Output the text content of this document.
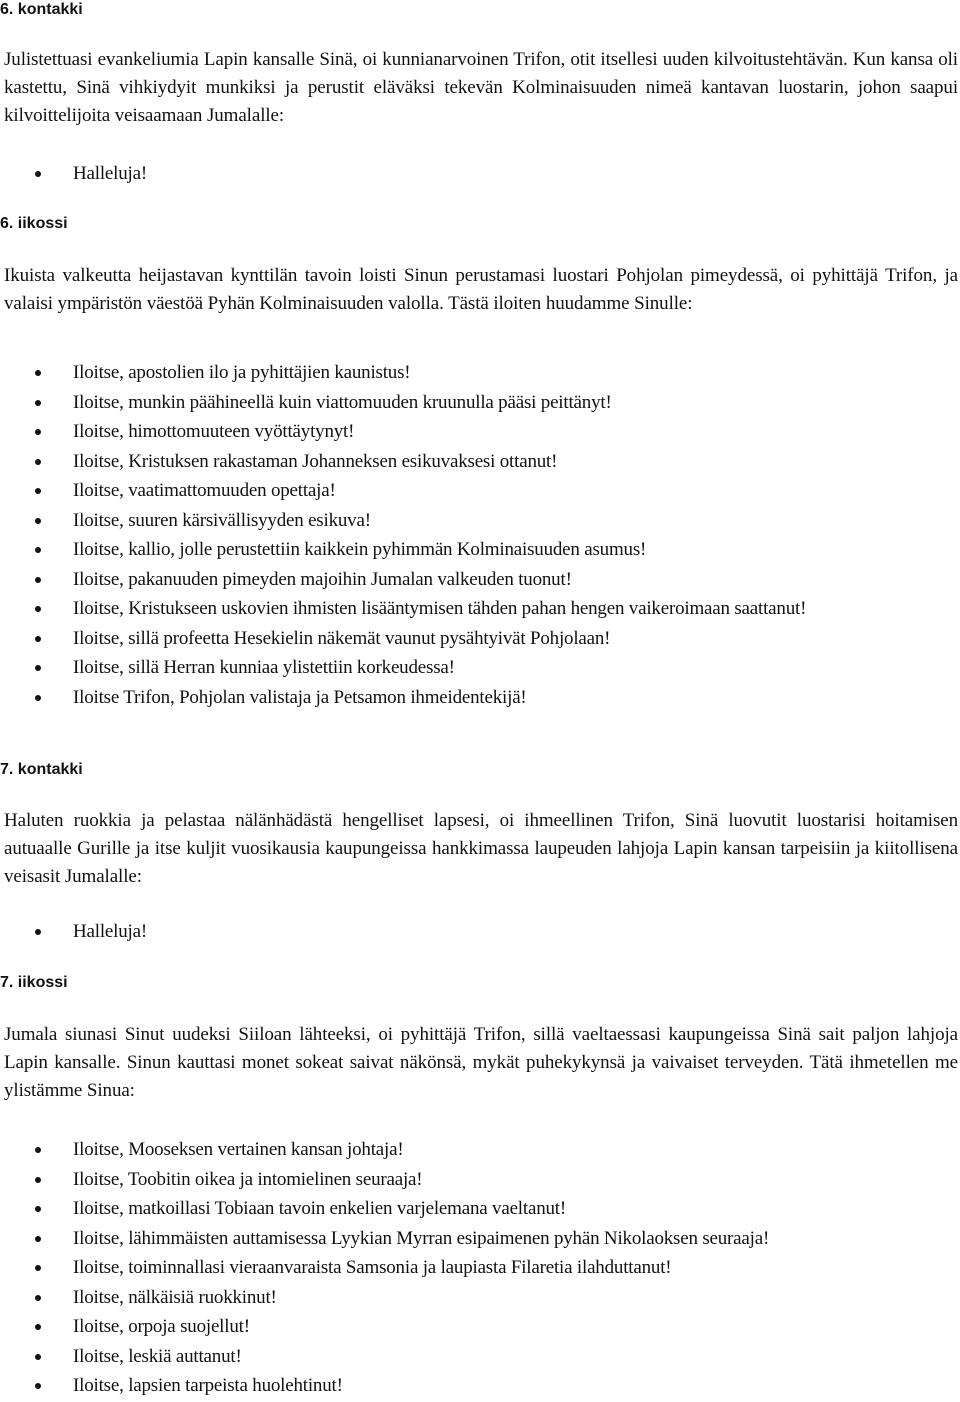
6. kontakki

Julistettuasi evankeliumia Lapin kansalle Sinä, oi kunnianarvoinen Trifon, otit itsellesi uuden kilvoitustehtävän. Kun kansa oli kastettu, Sinä vihkiydyit munkiksi ja perustit eläväksi tekevän Kolminaisuuden nimeä kantavan luostarin, johon saapui kilvoittelijoita veisaamaan Jumalalle:

Halleluja!
6. iikossi

Ikuista valkeutta heijastavan kynttilän tavoin loisti Sinun perustamasi luostari Pohjolan pimeydessä, oi pyhittäjä Trifon, ja valaisi ympäristön väestöä Pyhän Kolminaisuuden valolla. Tästä iloiten huudamme Sinulle:

Iloitse, apostolien ilo ja pyhittäjien kaunistus!
Iloitse, munkin päähineellä kuin viattomuuden kruunulla pääsi peittänyt!
Iloitse, himottomuuteen vyöttäytynyt!
Iloitse, Kristuksen rakastaman Johanneksen esikuvaksesi ottanut!
Iloitse, vaatimattomuuden opettaja!
Iloitse, suuren kärsivällisyyden esikuva!
Iloitse, kallio, jolle perustettiin kaikkein pyhimmän Kolminaisuuden asumus!
Iloitse, pakanuuden pimeyden majoihin Jumalan valkeuden tuonut!
Iloitse, Kristukseen uskovien ihmisten lisääntymisen tähden pahan hengen vaikeroimaan saattanut!
Iloitse, sillä profeetta Hesekielin näkemät vaunut pysähtyivät Pohjolaan!
Iloitse, sillä Herran kunniaa ylistettiin korkeudessa!
Iloitse Trifon, Pohjolan valistaja ja Petsamon ihmeidentekijä!
7. kontakki

Haluten ruokkia ja pelastaa nälänhädästä hengelliset lapsesi, oi ihmeellinen Trifon, Sinä luovutit luostarisi hoitamisen autuaalle Gurille ja itse kuljit vuosikausia kaupungeissa hankkimassa laupeuden lahjoja Lapin kansan tarpeisiin ja kiitollisena veisasit Jumalalle:

Halleluja!
7. iikossi

Jumala siunasi Sinut uudeksi Siiloan lähteeksi, oi pyhittäjä Trifon, sillä vaeltaessasi kaupungeissa Sinä sait paljon lahjoja Lapin kansalle. Sinun kauttasi monet sokeat saivat näkönsä, mykät puhekykynsä ja vaivaiset terveyden. Tätä ihmetellen me ylistämme Sinua:

Iloitse, Mooseksen vertainen kansan johtaja!
Iloitse, Toobitin oikea ja intomielinen seuraaja!
Iloitse, matkoillasi Tobiaan tavoin enkelien varjelemana vaeltanut!
Iloitse, lähimmäisten auttamisessa Lyykian Myrran esipaimenen pyhän Nikolaoksen seuraaja!
Iloitse, toiminnallasi vieraanvaraista Samsonia ja laupiasta Filaretia ilahduttanut!
Iloitse, nälkäisiä ruokkinut!
Iloitse, orpoja suojellut!
Iloitse, leskiä auttanut!
Iloitse, lapsien tarpeista huolehtinut!
